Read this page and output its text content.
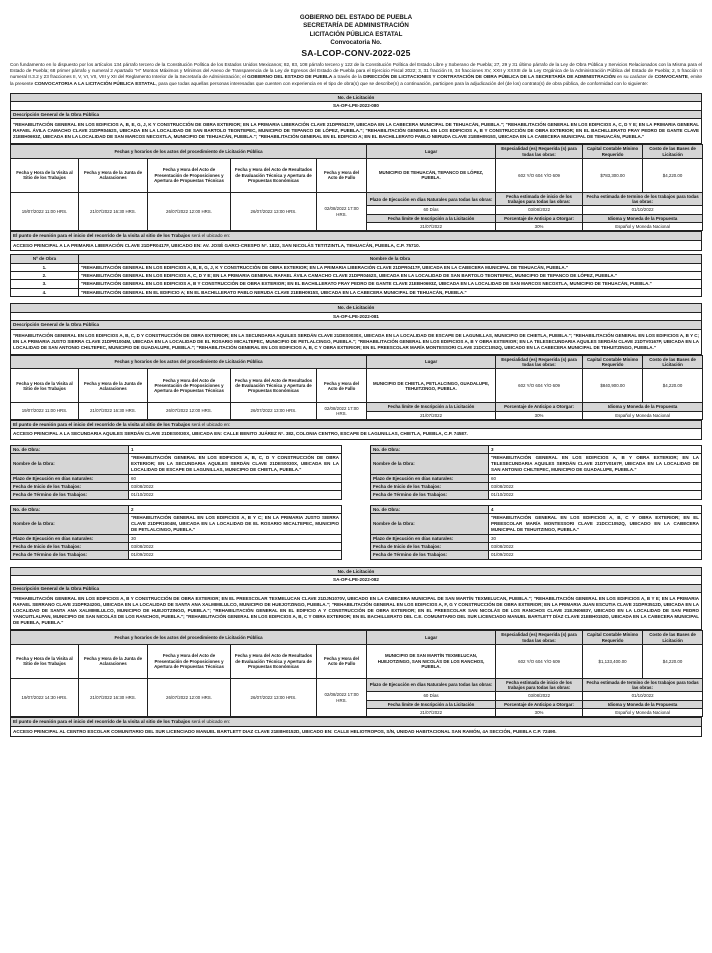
GOBIERNO DEL ESTADO DE PUEBLA
SECRETARÍA DE ADMINISTRACIÓN
LICITACIÓN PÚBLICA ESTATAL
Convocatoria No.
SA-LCOP-CONV-2022-025

Con fundamento en lo dispuesto por los artículos 134 párrafo tercero de la Constitución Política de los Estados Unidos Mexicanos; 82, 83, 108 párrafo tercero y 122 de la Constitución Política del Estado Libre y Soberano de Puebla; 27, 29 y 31 último párrafo de la Ley de Obra Pública y Servicios Relacionados con la Misma para el Estado de Puebla; 68 primer párrafo y numeral 2 Apartado "H" Montos Máximos y Mínimos del Anexo de Transparencia de la Ley de Egresos del Estado de Puebla para el Ejercicio Fiscal 2022; 3, 31 fracción III, 34 fracciones XV, XXII y XXXIII de la Ley Orgánica de la Administración Pública del Estado de Puebla; 2, 5 fracción II numeral II.3.2 y 23 fracciones II, V, VI, VII, VIII y XII del Reglamento Interior de la Secretaría de Administración; el GOBIERNO DEL ESTADO DE PUEBLA a través de la DIRECCIÓN DE LICITACIONES Y CONTRATACIÓN DE OBRA PÚBLICA DE LA SECRETARÍA DE ADMINISTRACIÓN en su carácter de CONVOCANTE, emite la presente CONVOCATORIA A LA LICITACIÓN PÚBLICA ESTATAL, para que todas aquellas personas interesadas que cuenten con experiencia en el tipo de obra(s) que se describe(n) a continuación, participen para la adjudicación del (de los) contrato(s) de obra pública, de conformidad con lo siguiente:

No. de Licitación
SA-OP-LPE-2022-080
Descripción General de la Obra Pública
"REHABILITACIÓN GENERAL EN LOS EDIFICIOS A, B, E, G, J, K Y CONSTRUCCIÓN DE OBRA EXTERIOR; EN LA PRIMARIA LIBERACIÓN CLAVE 21DPR0417F, UBICADA EN LA CABECERA MUNICIPAL DE TEHUACÁN, PUEBLA."; "REHABILITACIÓN GENERAL EN LOS EDIFICIOS A, C, D Y E; EN LA PRIMARIA GENERAL RAFAEL ÁVILA CAMACHO CLAVE 21DPR0462S, UBICADA EN LA LOCALIDAD DE SAN BARTOLO TEONTEPEC, MUNICIPIO DE TEPANCO DE LÓPEZ, PUEBLA."; "REHABILITACIÓN GENERAL EN LOS EDIFICIOS A, B Y CONSTRUCCIÓN DE OBRA EXTERIOR; EN EL BACHILLERATO FRAY PEDRO DE GANTE CLAVE 21EBH0693Z, UBICADA EN LA LOCALIDAD DE SAN MARCOS NECOXTLA, MUNICIPIO DE TEHUACÁN, PUEBLA."; "REHABILITACIÓN GENERAL EN EL EDIFICIO A; EN EL BACHILLERATO PABLO NERUDA CLAVE 21EBH0915S, UBICADA EN LA CABECERA MUNICIPAL DE TEHUACÁN, PUEBLA."
Fechas y horarios de los actos del procedimiento de Licitación Pública					Lugar	Especialidad (es) Requerida (s) para todas las obras:	Capital Contable Mínimo Requerido	Costo de las Bases de Licitación
Fecha y Hora de la Visita al Sitio de los Trabajos	Fecha y Hora de la Junta de Aclaraciones	Fecha y Hora del Acto de Presentación de Proposiciones y Apertura de Propuestas Técnicas	Fecha y Hora del Acto de Resultados de Evaluación Técnica y Apertura de Propuestas Económicas	Fecha y Hora del Acto de Fallo	MUNICIPIO DE TEHUACÁN, TEPANCO DE LÓPEZ, PUEBLA.	602 Y/O 604 Y/O 609	$783,300.00	$4,220.00
19/07/2022 11:00 HRS.	21/07/2022 16:30 HRS.	26/07/2022 12:00 HRS.	26/07/2022 13:00 HRS.	02/08/2022 17:00 HRS.	Plazo de Ejecución en días Naturales para todas las obras:	Fecha estimada de inicio de los trabajos para todas las obras:	Fecha estimada de termino de los trabajos para todas las obras:	
					60 Días	03/08/2022	01/10/2022	
					Fecha límite de Inscripción a la Licitación	Porcentaje de Anticipo a Otorgar:	Idioma y Moneda de la Propuesta	
					21/07/2022	30%	Español y Moneda Nacional	
El punto de reunión para el inicio del recorrido de la visita al sitio de los Trabajos será el ubicado en:
ACCESO PRINCIPAL A LA PRIMARIA LIBERACIÓN CLAVE 21DPR0417F, UBICADO EN: AV. JOSÉ GARCI-CRESPO N°. 1822, SAN NICOLÁS TETITZINTLA, TEHUACÁN, PUEBLA, C.P. 75710.
Nº de Obra	Nombre de la Obra
1.	"REHABILITACIÓN GENERAL EN LOS EDIFICIOS A, B, E, G, J, K Y CONSTRUCCIÓN DE OBRA EXTERIOR; EN LA PRIMARIA LIBERACIÓN CLAVE 21DPR0417F, UBICADA EN LA CABECERA MUNICIPAL DE TEHUACÁN, PUEBLA."
2.	"REHABILITACIÓN GENERAL EN LOS EDIFICIOS A, C, D Y E; EN LA PRIMARIA GENERAL RAFAEL ÁVILA CAMACHO CLAVE 21DPR0462S, UBICADA EN LA LOCALIDAD DE SAN BARTOLO TEONTEPEC, MUNICIPIO DE TEPANCO DE LÓPEZ, PUEBLA."
3.	"REHABILITACIÓN GENERAL EN LOS EDIFICIOS A, B Y CONSTRUCCIÓN DE OBRA EXTERIOR; EN EL BACHILLERATO FRAY PEDRO DE GANTE CLAVE 21EBH0693Z, UBICADA EN LA LOCALIDAD DE SAN MARCOS NECOXTLA, MUNICIPIO DE TEHUACÁN, PUEBLA."
4.	"REHABILITACIÓN GENERAL EN EL EDIFICIO A; EN EL BACHILLERATO PABLO NERUDA CLAVE 21EBH0915S, UBICADA EN LA CABECERA MUNICIPAL DE TEHUACÁN, PUEBLA."
No. de Licitación
SA-OP-LPE-2022-081
Descripción General de la Obra Pública
"REHABILITACIÓN GENERAL EN LOS EDIFICIOS A, B, C, D Y CONSTRUCCIÓN DE OBRA EXTERIOR; EN LA SECUNDARIA AQUILES SERDÁN CLAVE 21DES0030X, UBICADA EN LA LOCALIDAD DE ESCAPE DE LAGUNILLAS, MUNICIPIO DE CHIETLA, PUEBLA."; "REHABILITACIÓN GENERAL EN LOS EDIFICIOS A, B Y C; EN LA PRIMARIA JUSTO SIERRA CLAVE 21DPR1004M, UBICADA EN LA LOCALIDAD DE EL ROSARIO MICALTEPEC, MUNICIPIO DE PETLALCINGO, PUEBLA."; "REHABILITACIÓN GENERAL EN LOS EDIFICIOS A, B Y OBRA EXTERIOR; EN LA TELESECUNDARIA AQUILES SERDÁN CLAVE 21DTV0167P, UBICADA EN LA LOCALIDAD DE SAN ANTONIO CHILTEPEC, MUNICIPIO DE GUADALUPE, PUEBLA."; "REHABILITACIÓN GENERAL EN LOS EDIFICIOS A, B, C Y OBRA EXTERIOR; EN EL PREESCOLAR MARÍA MONTESSORI CLAVE 21DCC1052Q, UBICADO EN LA CABECERA MUNICIPAL DE TEHUITZINGO, PUEBLA."
Fechas y horarios de los actos del procedimiento de Licitación Pública					Lugar	Especialidad (es) Requerida (s) para todas las obras:	Capital Contable Mínimo Requerido	Costo de las Bases de Licitación
Fecha y Hora de la Visita al Sitio de los Trabajos	Fecha y Hora de la Junta de Aclaraciones	Fecha y Hora del Acto de Presentación de Proposiciones y Apertura de Propuestas Técnicas	Fecha y Hora del Acto de Resultados de Evaluación Técnica y Apertura de Propuestas Económicas	Fecha y Hora del Acto de Fallo	MUNICIPIO DE CHIETLA, PETLALCINGO, GUADALUPE, TEHUITZINGO, PUEBLA.	602 Y/O 604 Y/O 609	$840,900.00	$4,220.00
19/07/2022 11:00 HRS.	21/07/2022 16:30 HRS.	26/07/2022 12:00 HRS.	26/07/2022 13:00 HRS.	02/08/2022 17:00 HRS.	Fecha límite de Inscripción a la Licitación	Porcentaje de Anticipo a Otorgar:	Idioma y Moneda de la Propuesta	
					21/07/2022	30%	Español y Moneda Nacional	
El punto de reunión para el inicio del recorrido de la visita al sitio de los Trabajos será el ubicado en:
ACCESO PRINCIPAL A LA SECUNDARIA AQUILES SERDÁN CLAVE 21DES0030X, UBICADA EN: CALLE BENITO JUÁREZ N°. 382, COLONIA CENTRO, ESCAPE DE LAGUNILLAS, CHIETLA, PUEBLA, C.P. 74587.
No. de Obra:	1
Nombre de la Obra:	"REHABILITACIÓN GENERAL EN LOS EDIFICIOS A, B, C, D Y CONSTRUCCIÓN DE OBRA EXTERIOR; EN LA SECUNDARIA AQUILES SERDÁN CLAVE 21DES0030X, UBICADA EN LA LOCALIDAD DE ESCAPE DE LAGUNILLAS, MUNICIPIO DE CHIETLA, PUEBLA."
Plazo de Ejecución en días naturales:	60
Fecha de Inicio de los Trabajos:	03/08/2022
Fecha de Término de los Trabajos:	01/10/2022
No. de Obra:	2
Nombre de la Obra:	"REHABILITACIÓN GENERAL EN LOS EDIFICIOS A, B Y C; EN LA PRIMARIA JUSTO SIERRA CLAVE 21DPR1004M, UBICADA EN LA LOCALIDAD DE EL ROSARIO MICALTEPEC, MUNICIPIO DE PETLALCINGO, PUEBLA."
Plazo de Ejecución en días naturales:	30
Fecha de Inicio de los Trabajos:	03/08/2022
Fecha de Término de los Trabajos:	01/09/2022
No. de Obra:	3
Nombre de la Obra:	"REHABILITACIÓN GENERAL EN LOS EDIFICIOS A, B Y OBRA EXTERIOR; EN LA TELESECUNDARIA AQUILES SERDÁN CLAVE 21DTV0167P, UBICADA EN LA LOCALIDAD DE SAN ANTONIO CHILTEPEC, MUNICIPIO DE GUADALUPE, PUEBLA."
Plazo de Ejecución en días naturales:	60
Fecha de Inicio de los Trabajos:	03/08/2022
Fecha de Término de los Trabajos:	01/10/2022
No. de Obra:	4
Nombre de la Obra:	"REHABILITACIÓN GENERAL EN LOS EDIFICIOS A, B, C Y OBRA EXTERIOR; EN EL PREESCOLAR MARÍA MONTESSORI CLAVE 21DCC1052Q, UBICADO EN LA CABECERA MUNICIPAL DE TEHUITZINGO, PUEBLA."
Plazo de Ejecución en días naturales:	30
Fecha de Inicio de los Trabajos:	03/08/2022
Fecha de Término de los Trabajos:	01/09/2022
No. de Licitación
SA-OP-LPE-2022-082
Descripción General de la Obra Pública
"REHABILITACIÓN GENERAL EN LOS EDIFICIOS A, B Y CONSTRUCCIÓN DE OBRA EXTERIOR; EN EL PREESCOLAR TEXMELUCAN CLAVE 21DJN1070V, UBICADO EN LA CABECERA MUNICIPAL DE SAN MARTÍN TEXMELUCAN, PUEBLA."; "REHABILITACIÓN GENERAL EN LOS EDIFICIOS A, B Y E; EN LA PRIMARIA RAFAEL SERRANO CLAVE 21DPR2420G, UBICADA EN LA LOCALIDAD DE SANTA ANA XALMIMILULCO, MUNICIPIO DE HUEJOTZINGO, PUEBLA."; "REHABILITACIÓN GENERAL EN LOS EDIFICIOS A, F, G Y CONSTRUCCIÓN DE OBRA EXTERIOR; EN LA PRIMARIA JUAN ESCUTIA CLAVE 21DPR3512D, UBICADA EN LA LOCALIDAD DE SANTA ANA XALMIMILULCO, MUNICIPIO DE HUEJOTZINGO, PUEBLA."; "REHABILITACIÓN GENERAL EN EL EDIFICIO A Y CONSTRUCCIÓN DE OBRA EXTERIOR; EN EL PREESCOLAR SAN NICOLÁS DE LOS RANCHOS CLAVE 21EJN0683Y, UBICADO EN LA LOCALIDAD DE SAN PEDRO YANCUITLALPAN, MUNICIPIO DE SAN NICOLÁS DE LOS RANCHOS, PUEBLA."; "REHABILITACIÓN GENERAL EN LOS EDIFICIOS A, B, C Y OBRA EXTERIOR; EN EL BACHILLERATO DEL C.E. COMUNITARIO DEL SUR LICENCIADO MANUEL BARTLETT DÍAZ CLAVE 21EBH0152D, UBICADA EN LA CABECERA MUNICIPAL DE PUEBLA, PUEBLA."
Fechas y horarios de los actos del procedimiento de Licitación Pública					Lugar	Especialidad (es) Requerida (s) para todas las obras:	Capital Contable Mínimo Requerido	Costo de las Bases de Licitación
Fecha y Hora de la Visita al Sitio de los Trabajos	Fecha y Hora de la Junta de Aclaraciones	Fecha y Hora del Acto de Presentación de Proposiciones y Apertura de Propuestas Técnicas	Fecha y Hora del Acto de Resultados de Evaluación Técnica y Apertura de Propuestas Económicas	Fecha y Hora del Acto de Fallo	MUNICIPIO DE SAN MARTÍN TEXMELUCAN, HUEJOTZINGO, SAN NICOLÁS DE LOS RANCHOS, PUEBLA.	602 Y/O 604 Y/O 609	$1,133,400.00	$4,220.00
19/07/2022 14:30 HRS.	21/07/2022 16:30 HRS.	26/07/2022 12:00 HRS.	26/07/2022 13:00 HRS.	02/08/2022 17:00 HRS.	Plazo de Ejecución en días Naturales para todas las obras:	Fecha estimada de inicio de los trabajos para todas las obras:	Fecha estimada de termino de los trabajos para todas las obras:	
					60 Días	03/08/2022	01/10/2022	
					Fecha límite de Inscripción a la Licitación	Porcentaje de Anticipo a Otorgar:	Idioma y Moneda de la Propuesta	
					21/07/2022	30%	Español y Moneda Nacional	
El punto de reunión para el inicio del recorrido de la visita al sitio de los Trabajos será el ubicado en:
ACCESO PRINCIPAL AL CENTRO ESCOLAR COMUNITARIO DEL SUR LICENCIADO MANUEL BARTLETT DIAZ CLAVE 21EBH0152D, UBICADO EN: CALLE HELIOTROPOS, S/N, UNIDAD HABITACIONAL SAN RAMÓN, 4A SECCIÓN, PUEBLA C.P. 72490.
